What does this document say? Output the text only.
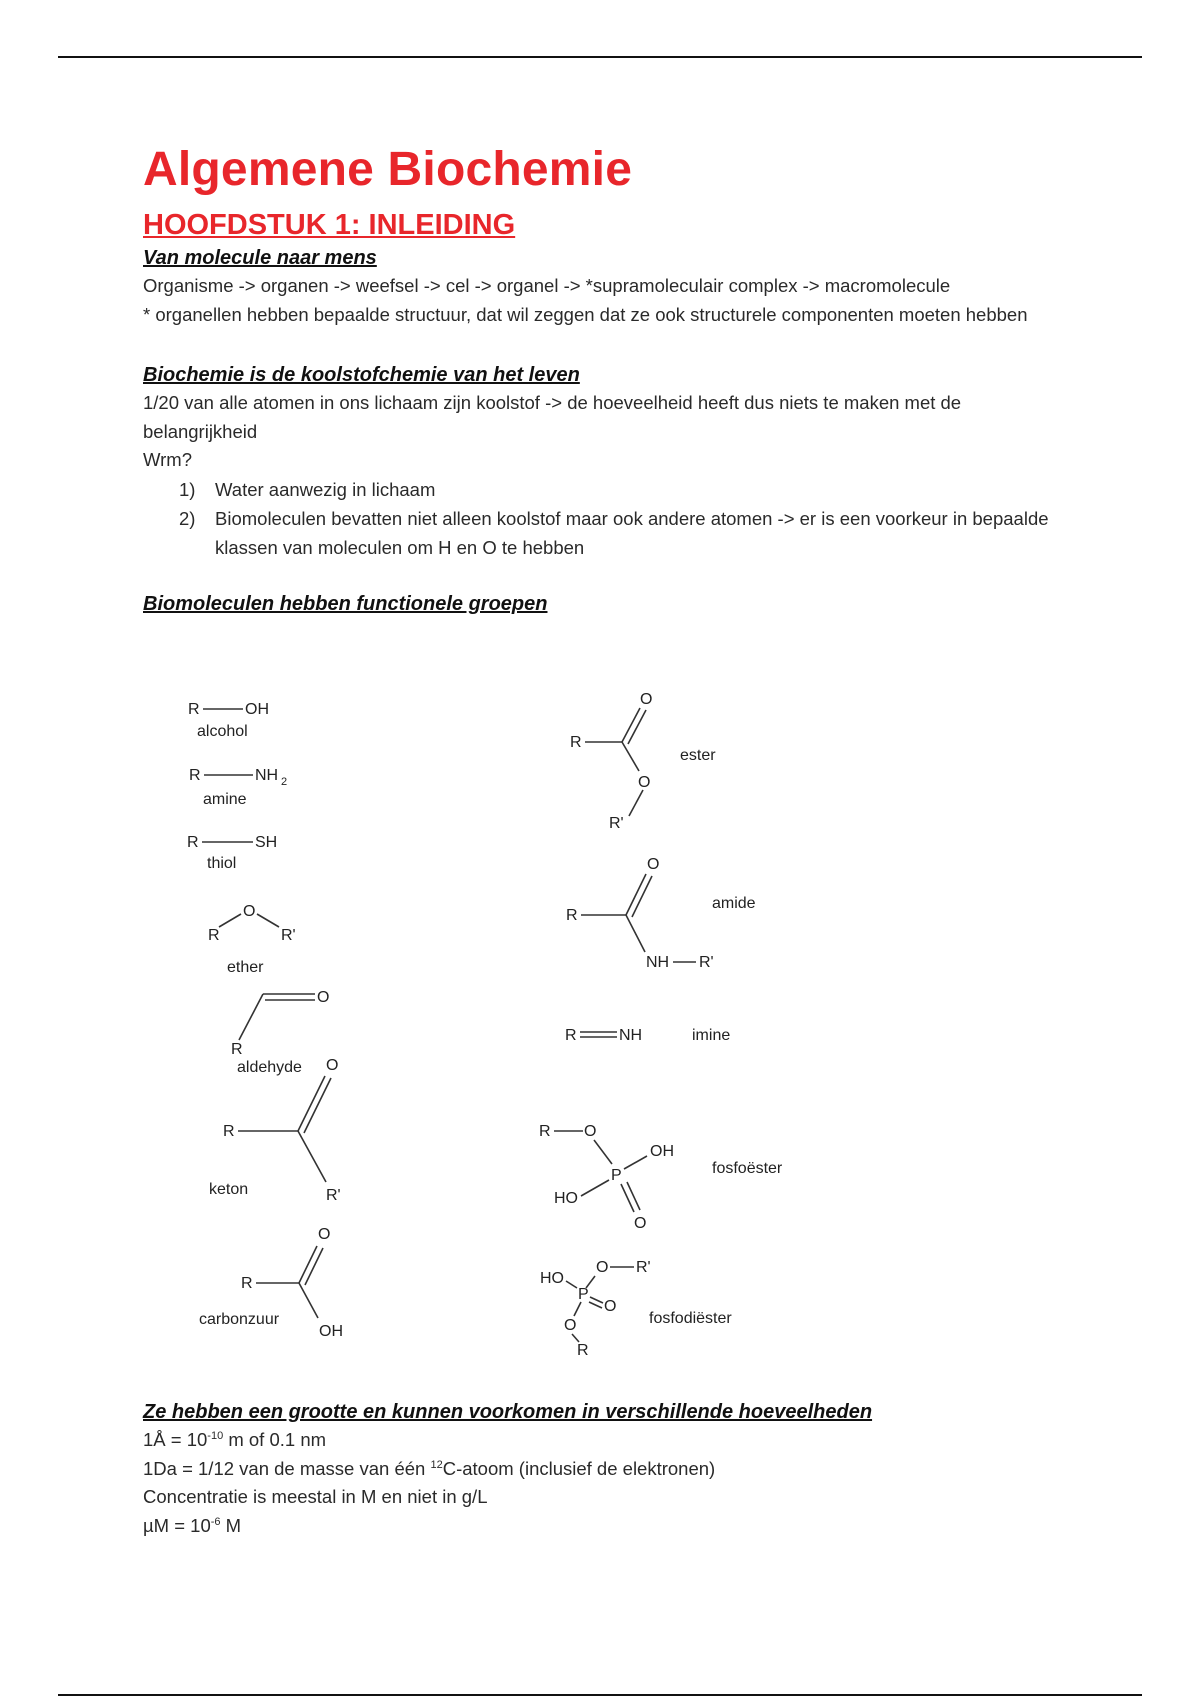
Algemene Biochemie
HOOFDSTUK 1: INLEIDING
Van molecule naar mens

Organisme -> organen -> weefsel -> cel -> organel -> *supramoleculair complex -> macromolecule

* organellen hebben bepaalde structuur, dat wil zeggen dat ze ook structurele componenten moeten hebben

Biochemie is de koolstofchemie van het leven

1/20 van alle atomen in ons lichaam zijn koolstof -> de hoeveelheid heeft dus niets te maken met de belangrijkheid

Wrm?

1) Water aanwezig in lichaam
2) Biomoleculen bevatten niet alleen koolstof maar ook andere atomen -> er is een voorkeur in bepaalde klassen van moleculen om H en O te hebben
Biomoleculen hebben functionele groepen
R	OH
alcohol
R	NH 2
amine
R	SH
thiol
R
O
R'
ether
R
O
aldehyde
R
O
R'
keton
R
O
OH
carbonzuur
R
O
O
R'
ester
R
O
NH R'
amide
R	NH	imine
R O
P
OH
HO
O
fosfoëster
O R'
HO
P
O
O
R
fosfodiëster
Ze hebben een grootte en kunnen voorkomen in verschillende hoeveelheden

1Å = $10^{-10}$ m of 0.1 nm

1Da = 1/12 van de masse van één $^{12}$C-atoom (inclusief de elektronen)

Concentratie is meestal in M en niet in g/L

$\mu M = 10^{-6}$ M
